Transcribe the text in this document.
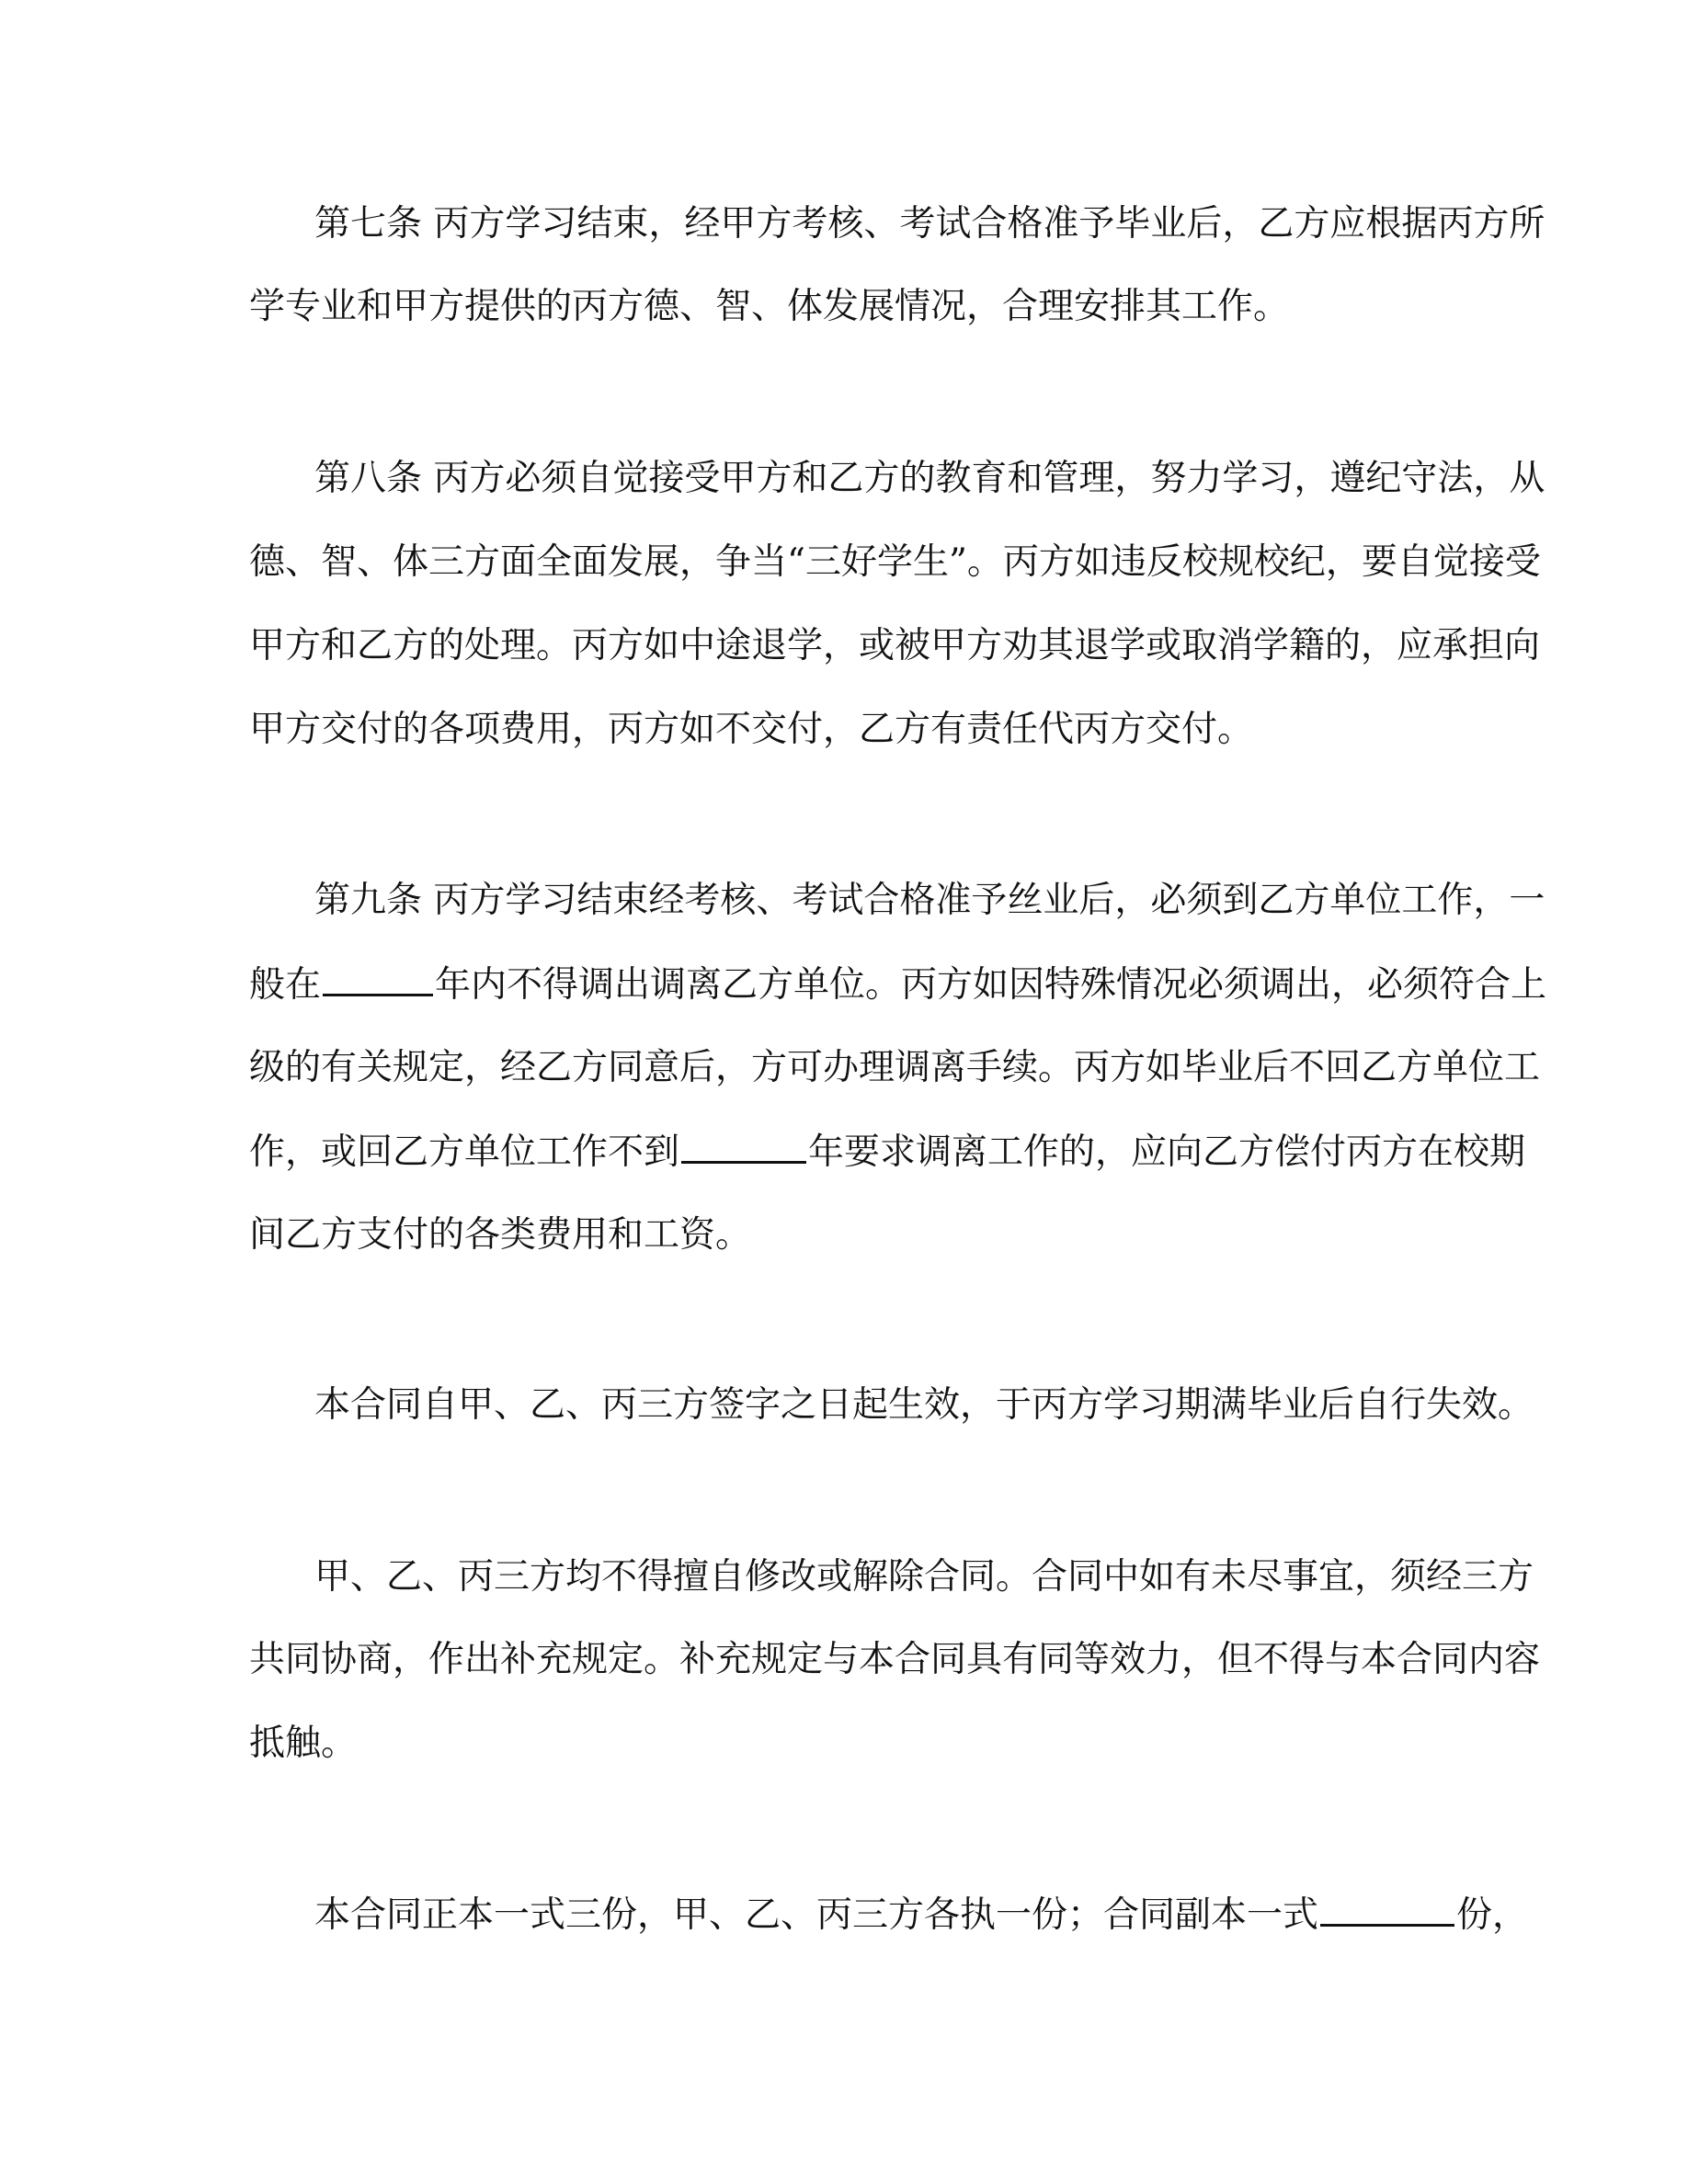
第七条 丙方学习结束，经甲方考核、考试合格准予毕业后，乙方应根据丙方所
学专业和甲方提供的丙方德、智、体发展情况，合理安排其工作。
第八条 丙方必须自觉接受甲方和乙方的教育和管理，努力学习，遵纪守法，从
德、智、体三方面全面发展，争当“三好学生”。丙方如违反校规校纪，要自觉接受
甲方和乙方的处理。丙方如中途退学，或被甲方劝其退学或取消学籍的，应承担向
甲方交付的各项费用，丙方如不交付，乙方有责任代丙方交付。
第九条 丙方学习结束经考核、考试合格准予丝业后，必须到乙方单位工作，一
般在	年内不得调出调离乙方单位。丙方如因特殊情况必须调出，必须符合上
级的有关规定，经乙方同意后，方可办理调离手续。丙方如毕业后不回乙方单位工
作，或回乙方单位工作不到	年要求调离工作的，应向乙方偿付丙方在校期
间乙方支付的各类费用和工资。
本合同自甲、乙、丙三方签字之日起生效，于丙方学习期满毕业后自行失效。
甲、乙、丙三方均不得擅自修改或解除合同。合同中如有未尽事宜，须经三方
共同协商，作出补充规定。补充规定与本合同具有同等效力，但不得与本合同内容
抵触。
本合同正本一式三份，甲、乙、丙三方各执一份；合同副本一式	份，
